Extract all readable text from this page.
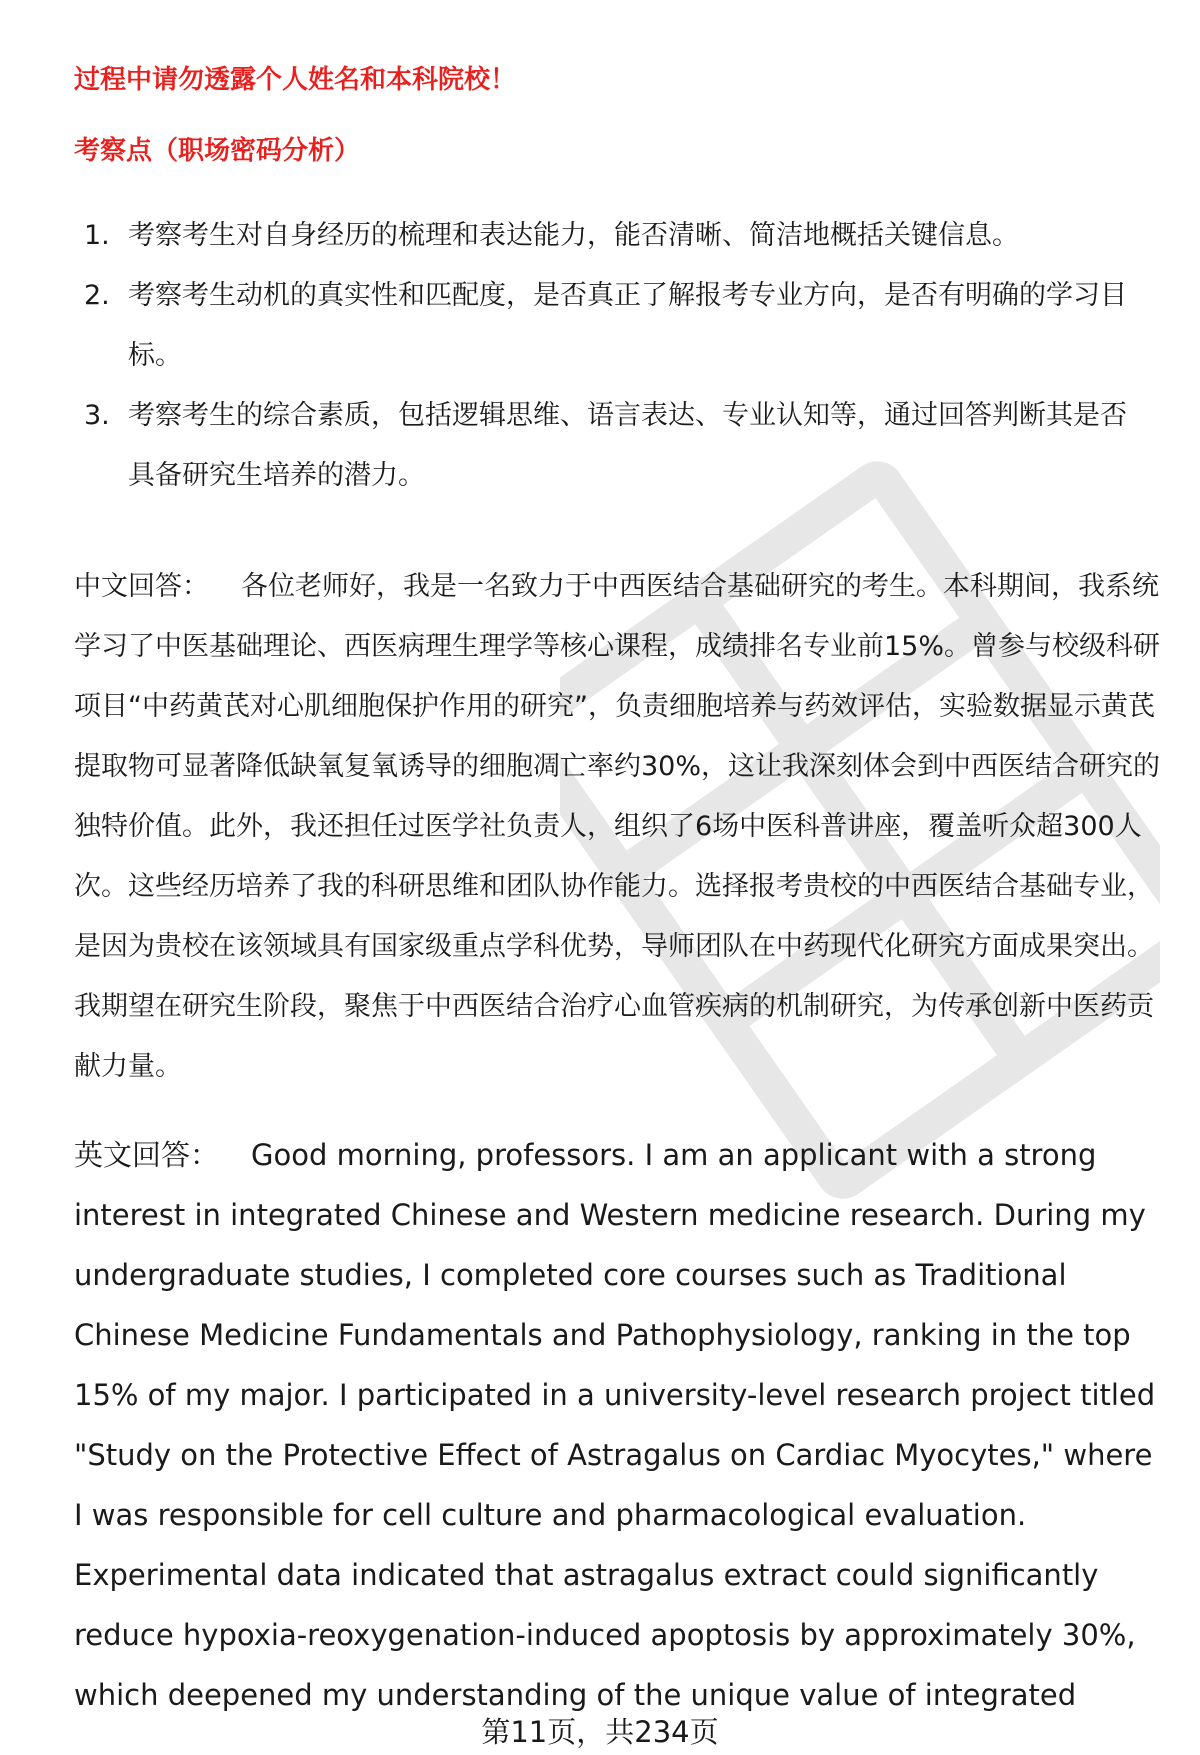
过程中请勿透露个人姓名和本科院校！
考察点（职场密码分析）
1. 考察考生对自身经历的梳理和表达能力，能否清晰、简洁地概括关键信息。
2. 考察考生动机的真实性和匹配度，是否真正了解报考专业方向，是否有明确的学习目标。
3. 考察考生的综合素质，包括逻辑思维、语言表达、专业认知等，通过回答判断其是否具备研究生培养的潜力。

中文回答： 各位老师好，我是一名致力于中西医结合基础研究的考生。本科期间，我系统学习了中医基础理论、西医病理生理学等核心课程，成绩排名专业前15%。曾参与校级科研项目“中药黄芪对心肌细胞保护作用的研究”，负责细胞培养与药效评估，实验数据显示黄芪提取物可显著降低缺氧复氧诱导的细胞凋亡率约30%，这让我深刻体会到中西医结合研究的独特价值。此外，我还担任过医学社负责人，组织了6场中医科普讲座，覆盖听众超300人次。这些经历培养了我的科研思维和团队协作能力。选择报考贵校的中西医结合基础专业，是因为贵校在该领域具有国家级重点学科优势，导师团队在中药现代化研究方面成果突出。我期望在研究生阶段，聚焦于中西医结合治疗心血管疾病的机制研究，为传承创新中医药贡献力量。

英文回答： Good morning, professors. I am an applicant with a strong interest in integrated Chinese and Western medicine research. During my undergraduate studies, I completed core courses such as Traditional Chinese Medicine Fundamentals and Pathophysiology, ranking in the top 15% of my major. I participated in a university-level research project titled "Study on the Protective Effect of Astragalus on Cardiac Myocytes," where I was responsible for cell culture and pharmacological evaluation. Experimental data indicated that astragalus extract could significantly reduce hypoxia-reoxygenation-induced apoptosis by approximately 30%, which deepened my understanding of the unique value of integrated

第11页，共234页
